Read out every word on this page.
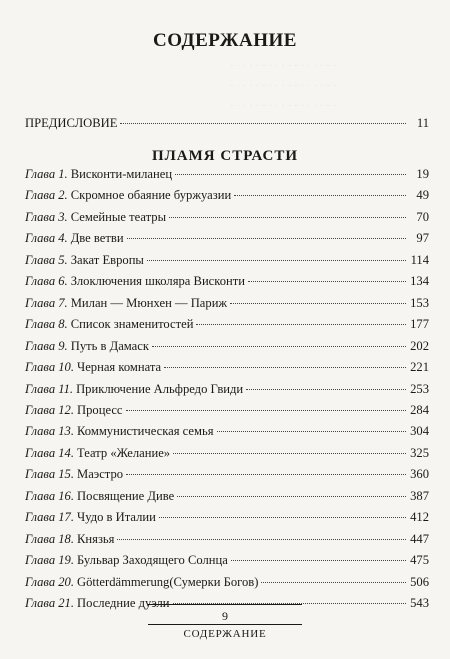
· · · · · · · · · · · · · · · · ·
· · · · · · · · · · · · · · · · ·
· · · · · · · · · · · · · · · · ·
СОДЕРЖАНИЕ
ПРЕДИСЛОВИЕ	11
ПЛАМЯ СТРАСТИ
Глава 1. Висконти-миланец	19
Глава 2. Скромное обаяние буржуазии	49
Глава 3. Семейные театры	70
Глава 4. Две ветви	97
Глава 5. Закат Европы	114
Глава 6. Злоключения школяра Висконти	134
Глава 7. Милан — Мюнхен — Париж	153
Глава 8. Список знаменитостей	177
Глава 9. Путь в Дамаск	202
Глава 10. Черная комната	221
Глава 11. Приключение Альфредо Гвиди	253
Глава 12. Процесс	284
Глава 13. Коммунистическая семья	304
Глава 14. Театр «Желание»	325
Глава 15. Маэстро	360
Глава 16. Посвящение Диве	387
Глава 17. Чудо в Италии	412
Глава 18. Князья	447
Глава 19. Бульвар Заходящего Солнца	475
Глава 20. Götterdämmerung(Сумерки Богов)	506
Глава 21. Последние дуэли	543
9
СОДЕРЖАНИЕ
